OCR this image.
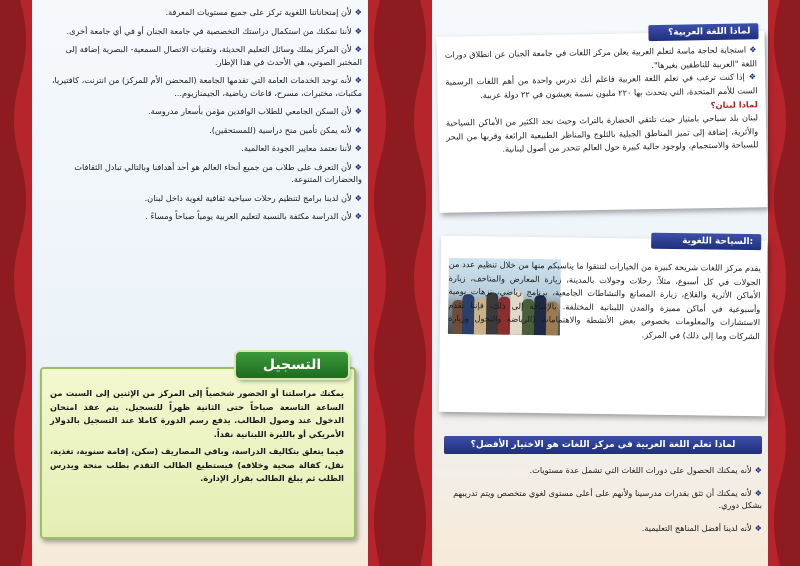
❖لأن إمتحاناتنا اللغوية تركز على جميع مستويات المعرفة.

❖لأننا نمكنك من استكمال دراستك التخصصية في جامعة الجنان أو في أي جامعة أخرى.

❖لأن المركز يملك وسائل التعليم الحديثة، وتقنيات الاتصال السمعية- البصرية إضافة إلى المختبر الصوتي، هي الأحدث في هذا الإطار.

❖لأنه توجد الخدمات العامة التي تقدمها الجامعة (المحضن الأم للمركز) من انترنت، كافتيريا، مكتبات، مختبرات، مسرح، قاعات رياضية، الجيمنازيوم...

❖لأن السكن الجامعي للطلاب الوافدين مؤمن بأسعار مدروسة.

❖لأنه يمكن تأمين منح دراسية (للمستحقين).

❖لأننا نعتمد معايير الجودة العالمية.

❖لأن التعرف على طلاب من جميع أنحاء العالم هو أحد أهدافنا وبالتالي تبادل الثقافات والحضارات المتنوعة.

❖لأن لدينا برامج لتنظيم رحلات سياحية ثقافية لغوية داخل لبنان.

❖لأن الدراسة مكثفة بالنسبة لتعليم العربية يومياً صباحاً ومساءً .

يمكنك مراسلتنا أو الحضور شخصياً إلى المركز من الإثنين إلى السبت من الساعة التاسعة صباحاً حتى الثانية ظهراً للتسجيل. يتم عقد امتحان الدخول عند وصول الطالب. يدفع رسم الدورة كاملا عند التسجيل بالدولار الأمريكي أو بالليرة اللبنانية نقداً.

فيما يتعلق بتكاليف الدراسة، وباقي المصاريف (سكن، إقامة سنوية، تغذية، نقل، كفالة صحية وخلافه) فيستطيع الطالب التقدم بطلب منحة ويدرس الطلب ثم يبلغ الطالب بقرار الإدارة.

التسجيل
لماذا اللغة العربية؟

❖ استجابة لحاجة ماسة لتعلم العربية يعلن مركز اللغات في جامعة الجنان عن انطلاق دورات اللغة "العربية للناطقين بغيرها".

❖ إذا كنت ترغب في تعلم اللغة العربية فاعلم أنك تدرس واحدة من أهم اللغات الرسمية الست للأمم المتحدة، التي يتحدث بها ٢٢٠ مليون نسمة يعيشون في ٢٢ دولة عربية.

لماذا لبنان؟

لبنان بلد سياحي بامتياز حيث تلتقي الحضارة بالتراث وحيث نجد الكثير من الأماكن السياحية والأثرية، إضافة إلى تميز المناطق الجبلية بالثلوج والمناظر الطبيعية الرائعة وقربها من البحر للسباحة والاستجمام، ولوجود جالية كبيرة حول العالم تتحدر من أصول لبنانية.

السياحة اللغوية:

يقدم مركز اللغات شريحة كبيرة من الخيارات لتنتقوا ما يناسبكم منها من خلال تنظيم عدد من الجولات في كل أسبوع، مثلاً: رحلات وجولات بالمدينة، زيارة المعارض والمتاحف، زيارة الأماكن الأثرية والقلاع، زيارة المصانع والنشاطات الجامعية، برنامج رياضي، نزهات يومية وأسبوعية في أماكن مميزة والمدن اللبنانية المختلفة. بالإضافة إلى ذلك، فإننا نقدم الاستشارات والمعلومات بخصوص بعض الأنشطة والاهتمامات (الرياضة والتجول وزيارة الشركات وما إلى ذلك) في المركز.

لماذا تعلم اللغة العربية في مركز اللغات هو الاختيار الأفضل؟

❖لأنه يمكنك الحصول على دورات اللغات التي تشمل عدة مستويات.

❖لأنه يمكنك أن تثق بقدرات مدرسينا ولأنهم على أعلى مستوى لغوي متخصص ويتم تدريبهم بشكل دوري.

❖لأنه لدينا أفضل المناهج التعليمية.
